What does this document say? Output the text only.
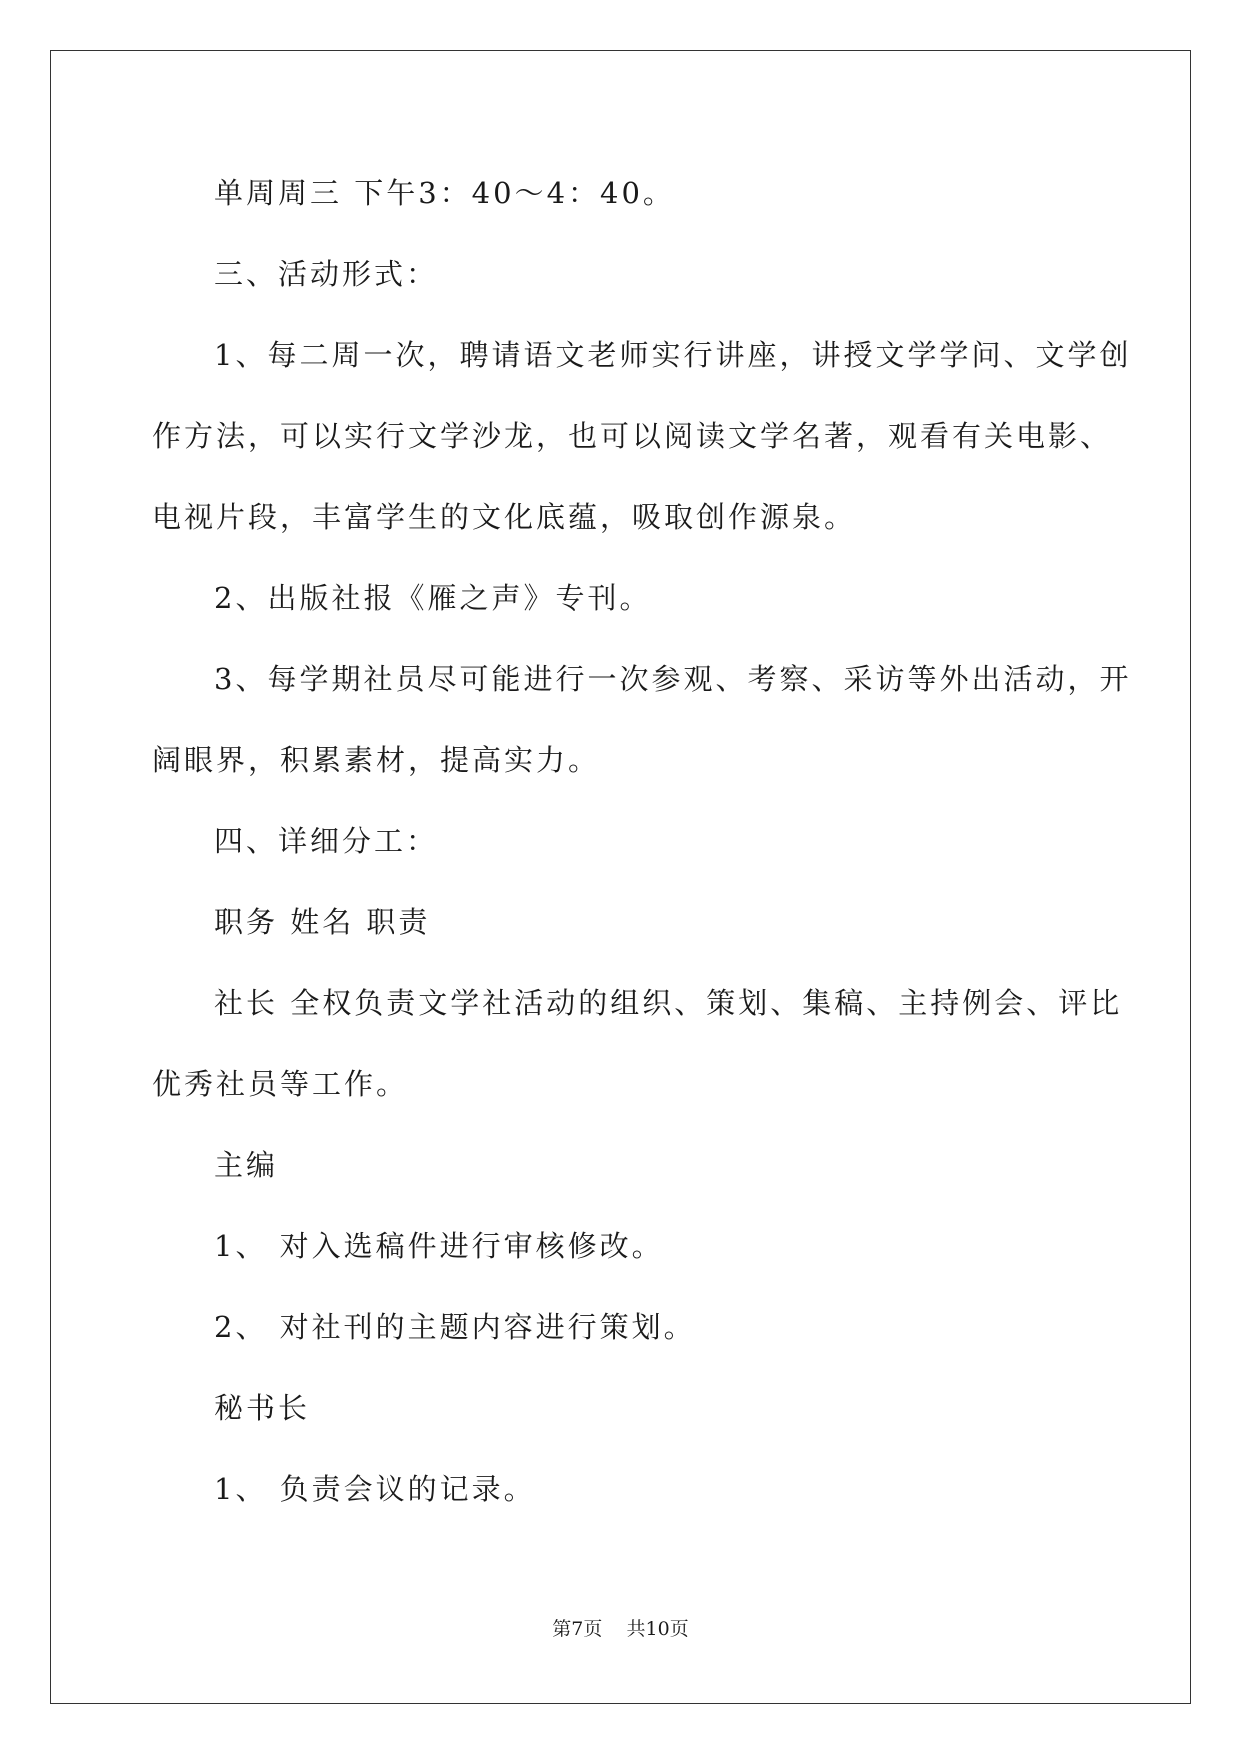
单周周三 下午3：40～4：40。
三、活动形式：
1、每二周一次，聘请语文老师实行讲座，讲授文学学问、文学创
作方法，可以实行文学沙龙，也可以阅读文学名著，观看有关电影、
电视片段，丰富学生的文化底蕴，吸取创作源泉。
2、出版社报《雁之声》专刊。
3、每学期社员尽可能进行一次参观、考察、采访等外出活动，开
阔眼界，积累素材，提高实力。
四、详细分工：
职务 姓名 职责
社长 全权负责文学社活动的组织、策划、集稿、主持例会、评比
优秀社员等工作。
主编
1、 对入选稿件进行审核修改。
2、 对社刊的主题内容进行策划。
秘书长
1、 负责会议的记录。
第7页    共10页
